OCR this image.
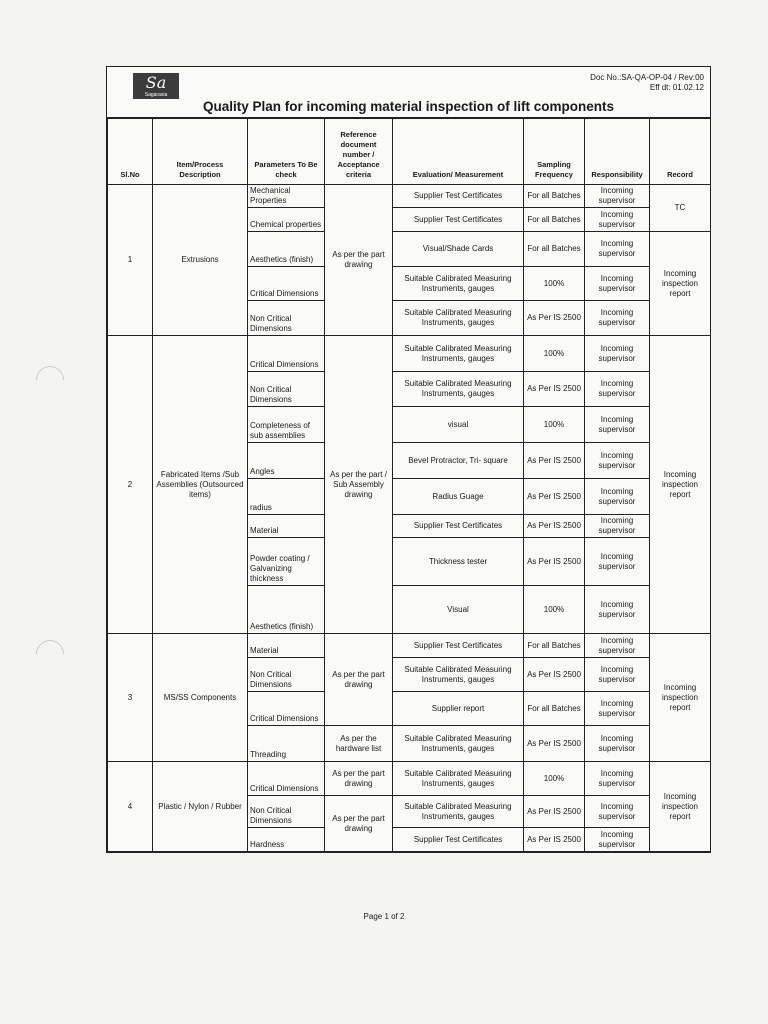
Sa
Sagarasia
Doc No.:SA-QA-OP-04 / Rev:00
Eff dt: 01.02.12
Quality Plan for incoming material inspection of lift components
Sl.No	Item/Process Description	Parameters To Be check	Reference document number / Acceptance criteria	Evaluation/ Measurement	Sampling Frequency	Responsibility	Record
1	Extrusions	Mechanical Properties	As per the part drawing	Supplier Test Certificates	For all Batches	Incoming supervisor	TC
		Chemical properties		Supplier Test Certificates	For all Batches	Incoming supervisor	
		Aesthetics (finish)		Visual/Shade Cards	For all Batches	Incoming supervisor	Incoming inspection report
		Critical Dimensions		Suitable Calibrated Measuring Instruments, gauges	100%	Incoming supervisor	
		Non Critical Dimensions		Suitable Calibrated Measuring Instruments, gauges	As Per IS 2500	Incoming supervisor	
2	Fabricated Items /Sub Assemblies (Outsourced items)	Critical Dimensions	As per the part / Sub Assembly drawing	Suitable Calibrated Measuring Instruments, gauges	100%	Incoming supervisor	Incoming inspection report
		Non Critical Dimensions		Suitable Calibrated Measuring Instruments, gauges	As Per IS 2500	Incoming supervisor	
		Completeness of sub assemblies		visual	100%	Incoming supervisor	
		Angles		Bevel Protractor, Tri- square	As Per IS 2500	Incoming supervisor	
		radius		Radius Guage	As Per IS 2500	Incoming supervisor	
		Material		Supplier Test Certificates	As Per IS 2500	Incoming supervisor	
		Powder coating / Galvanizing thickness		Thickness tester	As Per IS 2500	Incoming supervisor	
		Aesthetics (finish)		Visual	100%	Incoming supervisor	
3	MS/SS Components	Material	As per the part drawing	Supplier Test Certificates	For all Batches	Incoming supervisor	Incoming inspection report
		Non Critical Dimensions		Suitable Calibrated Measuring Instruments, gauges	As Per IS 2500	Incoming supervisor	
		Critical Dimensions		Supplier report	For all Batches	Incoming supervisor	
		Threading	As per the hardware list	Suitable Calibrated Measuring Instruments, gauges	As Per IS 2500	Incoming supervisor	
4	Plastic / Nylon / Rubber	Critical Dimensions	As per the part drawing	Suitable Calibrated Measuring Instruments, gauges	100%	Incoming supervisor	Incoming inspection report
		Non Critical Dimensions	As per the part drawing	Suitable Calibrated Measuring Instruments, gauges	As Per IS 2500	Incoming supervisor	
		Hardness		Supplier Test Certificates	As Per IS 2500	Incoming supervisor	
Page 1 of 2
